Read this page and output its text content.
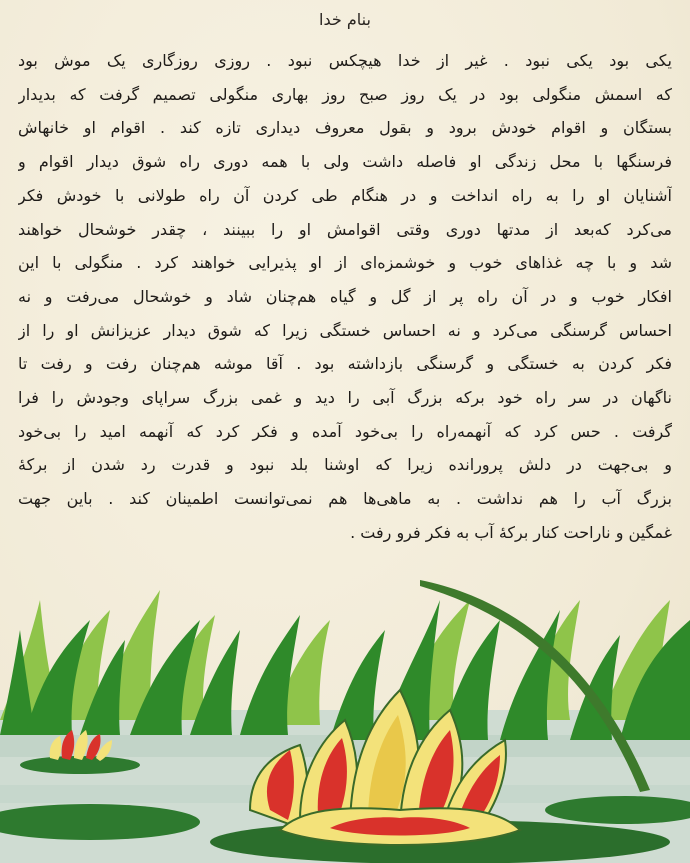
بنام خدا
یکی بود یکی نبود . غیر از خدا هیچکس نبود . روزی روزگاری یک موش بود
که اسمش منگولی بود در یک روز صبح روز بهاری منگولی تصمیم گرفت که بدیدار
بستگان و اقوام خودش برود و بقول معروف دیداری تازه کند . اقوام او خانهاش
فرسنگها با محل زندگی او فاصله داشت ولی با همه دوری راه شوق دیدار اقوام و
آشنایان او را به راه انداخت و در هنگام طی کردن آن راه طولانی با خودش فکر
می‌کرد که‌بعد از مدتها دوری وقتی اقوامش او را ببینند ، چقدر خوشحال خواهند
شد و با چه غذاهای خوب و خوشمزه‌ای از او پذیرایی خواهند کرد . منگولی با این
افکار خوب و در آن راه پر از گل و گیاه هم‌چنان شاد و خوشحال می‌رفت و نه
احساس گرسنگی می‌کرد و نه احساس خستگی زیرا که شوق دیدار عزیزانش او را از
فکر کردن به خستگی و گرسنگی بازداشته بود . آقا موشه هم‌چنان رفت و رفت تا
ناگهان در سر راه خود برکه بزرگ آبی را دید و غمی بزرگ سراپای وجودش را فرا
گرفت . حس کرد که آنهمه‌راه را بی‌خود آمده و فکر کرد که آنهمه امید را بی‌خود
و بی‌جهت در دلش پرورانده زیرا که اوشنا بلد نبود و قدرت رد شدن از برکهٔ
بزرگ آب را هم نداشت . به ماهی‌ها هم نمی‌توانست اطمینان کند . باین جهت
غمگین و ناراحت کنار برکهٔ آب به فکر فرو رفت .
